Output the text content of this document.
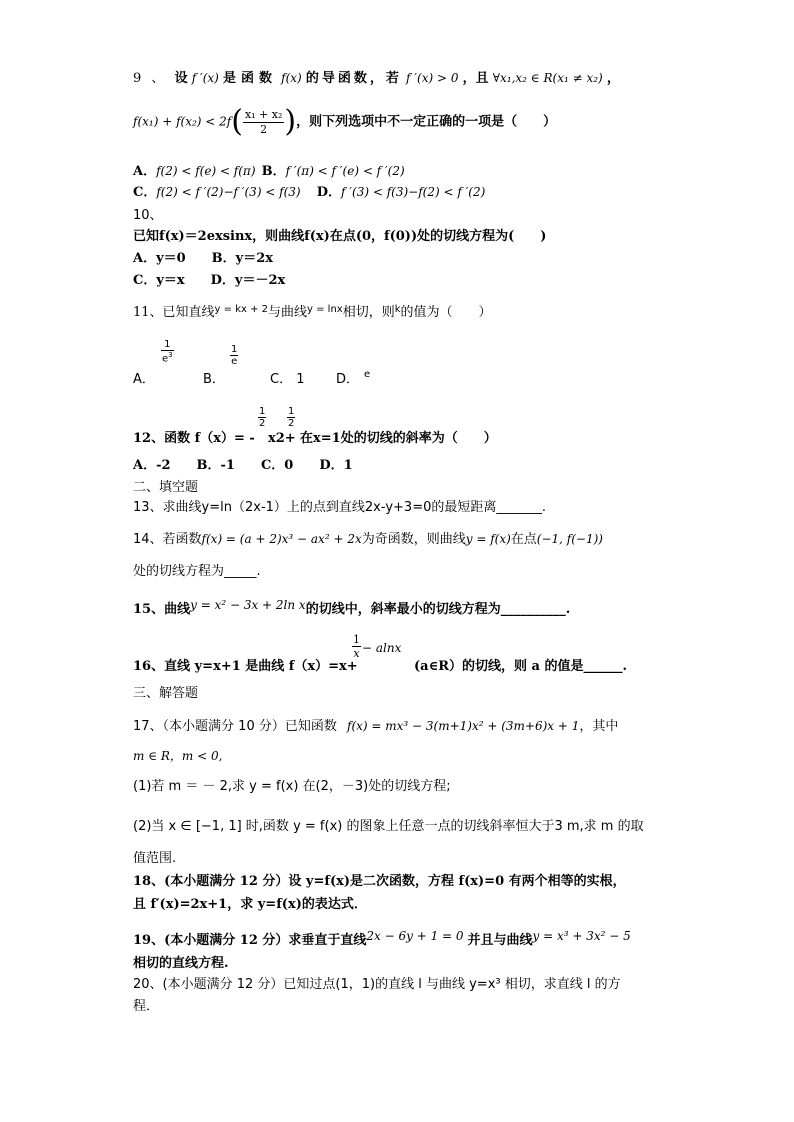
9 、 设 f ′(x) 是函数 f(x) 的导函数，若 f ′(x) > 0 ，且 ∀x₁,x₂ ∈ R(x₁ ≠ x₂) ，
$f(x_1) + f(x_2) < 2f( \frac{\text{x₁ + x₂}}{2}$ )，则下列选项中不一定正确的一项是（　　）
A．f(2) < f(e) < f(π) B．f ′(π) < f ′(e) < f ′(2)
C．f(2) < f ′(2)−f ′(3) < f(3) D．f ′(3) < f(3)−f(2) < f ′(2)
10、
已知f(x)＝2exsinx，则曲线f(x)在点(0，f(0))处的切线方程为(　　)
A．y＝0　　B．y＝2x
C．y＝x　　D．y＝－2x
11、已知直线$^{y = kx + 2}$与曲线$^{y = lnx}$相切，则$^k$的值为（　　）
A．
$\frac{1}{e^3}$
B．
$\frac{1}{e}$
C． 1 D． e
12、函数 f（x）= -
$\frac{1}{2}$
x2+
$\frac{1}{2}$
在x=1处的切线的斜率为（　　）
A．-2　　B．-1　　C．0　　D．1
二、填空题
13、求曲线y=ln（2x-1）上的点到直线2x-y+3=0的最短距离_______.
14、若函数f(x) = (a + 2)x³ − ax² + 2x为奇函数，则曲线y = f(x)在点(−1, f(−1))
处的切线方程为_____.
15、曲线y = x² − 3x + 2ln x的切线中，斜率最小的切线方程为__________.
16、直线 y=x+1 是曲线 f（x）=x+
$\frac{1}{x} - alnx$
(a∈R）的切线，则 a 的值是______.
三、解答题
17、（本小题满分 10 分）已知函数 f(x) = mx³ − 3(m+1)x² + (3m+6)x + 1，其中
m ∈ R，m < 0,
(1)若 m ＝ － 2,求 y = f(x) 在(2，－3)处的切线方程;
(2)当 x ∈ [−1, 1] 时,函数 y = f(x) 的图象上任意一点的切线斜率恒大于3 m,求 m 的取
值范围.
18、(本小题满分 12 分）设 y=f(x)是二次函数，方程 f(x)=0 有两个相等的实根，
且 f′(x)=2x+1，求 y=f(x)的表达式．
19、(本小题满分 12 分）求垂直于直线2x − 6y + 1 = 0 并且与曲线y = x³ + 3x² − 5
相切的直线方程.
20、(本小题满分 12 分）已知过点(1，1)的直线 l 与曲线 y=x³ 相切，求直线 l 的方
程．
